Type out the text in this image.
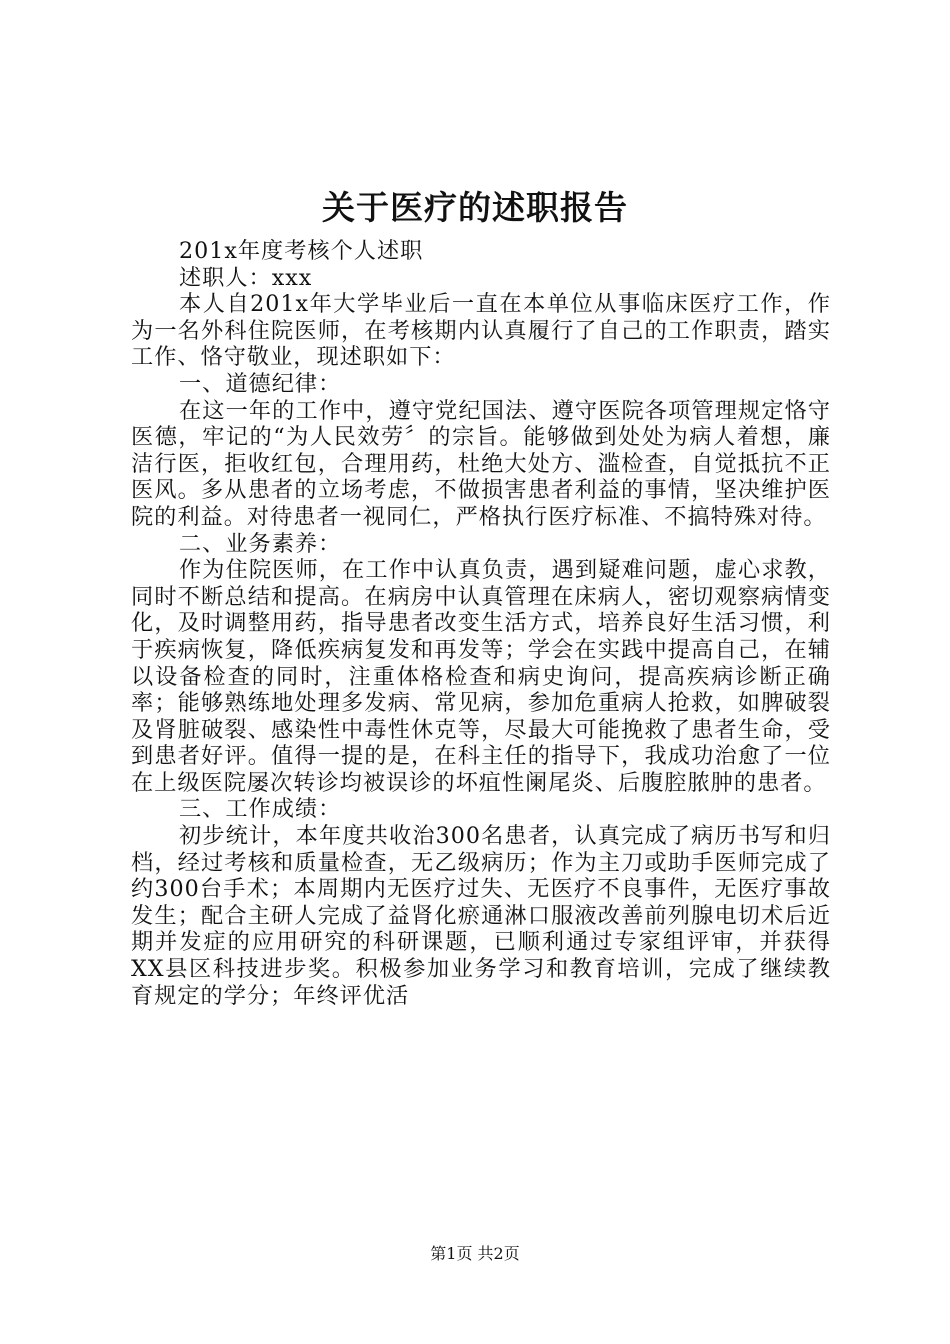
关于医疗的述职报告

201x年度考核个人述职

述职人：xxx

本人自201x年大学毕业后一直在本单位从事临床医疗工作，作为一名外科住院医师，在考核期内认真履行了自己的工作职责，踏实工作、恪守敬业，现述职如下：

一、道德纪律：

在这一年的工作中，遵守党纪国法、遵守医院各项管理规定恪守医德，牢记的“为人民效劳〞的宗旨。能够做到处处为病人着想，廉洁行医，拒收红包，合理用药，杜绝大处方、滥检查，自觉抵抗不正医风。多从患者的立场考虑，不做损害患者利益的事情，坚决维护医院的利益。对待患者一视同仁，严格执行医疗标准、不搞特殊对待。

二、业务素养：

作为住院医师，在工作中认真负责，遇到疑难问题，虚心求教，同时不断总结和提高。在病房中认真管理在床病人，密切观察病情变化，及时调整用药，指导患者改变生活方式，培养良好生活习惯，利于疾病恢复，降低疾病复发和再发等；学会在实践中提高自己，在辅以设备检查的同时，注重体格检查和病史询问，提高疾病诊断正确率；能够熟练地处理多发病、常见病，参加危重病人抢救，如脾破裂及肾脏破裂、感染性中毒性休克等，尽最大可能挽救了患者生命，受到患者好评。值得一提的是，在科主任的指导下，我成功治愈了一位在上级医院屡次转诊均被误诊的坏疽性阑尾炎、后腹腔脓肿的患者。

三、工作成绩：

初步统计，本年度共收治300名患者，认真完成了病历书写和归档，经过考核和质量检查，无乙级病历；作为主刀或助手医师完成了约300台手术；本周期内无医疗过失、无医疗不良事件，无医疗事故发生；配合主研人完成了益肾化瘀通淋口服液改善前列腺电切术后近期并发症的应用研究的科研课题，已顺利通过专家组评审，并获得XX县区科技进步奖。积极参加业务学习和教育培训，完成了继续教育规定的学分；年终评优活

第1页 共2页
